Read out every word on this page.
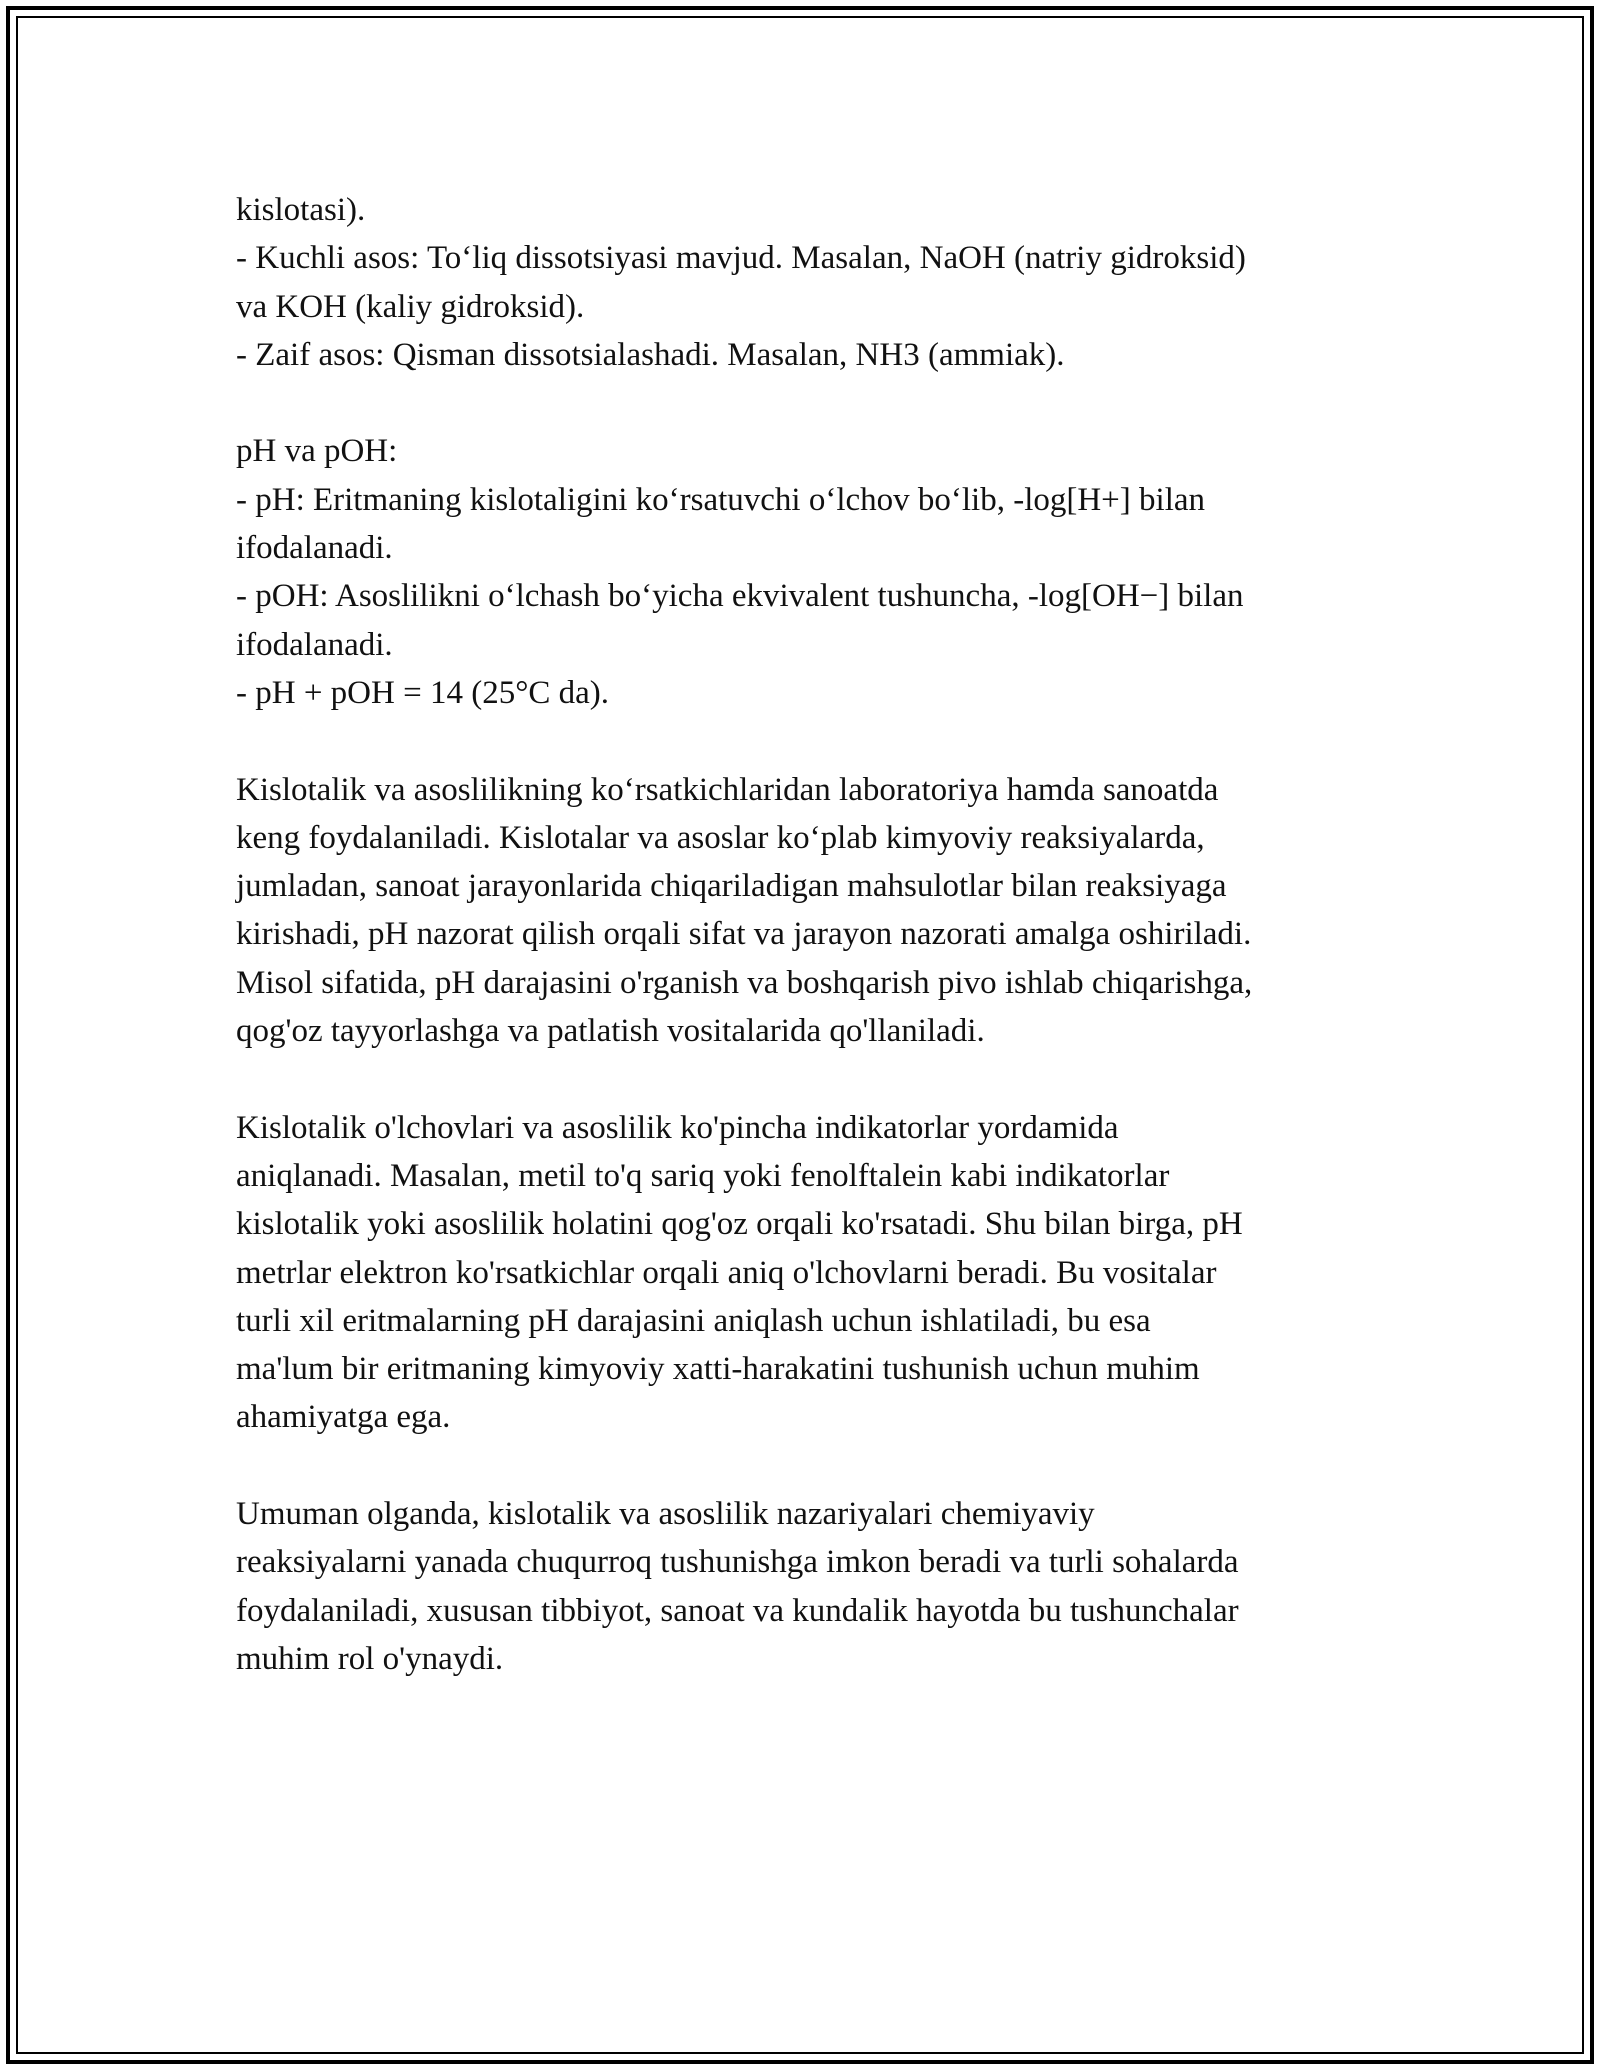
kislotasi).
- Kuchli asos: To‘liq dissotsiyasi mavjud. Masalan, NaOH (natriy gidroksid)
va KOH (kaliy gidroksid).
- Zaif asos: Qisman dissotsialashadi. Masalan, NH3 (ammiak).
pH va pOH:
- pH: Eritmaning kislotaligini ko‘rsatuvchi o‘lchov bo‘lib, -log[H+] bilan
ifodalanadi.
- pOH: Asoslilikni o‘lchash bo‘yicha ekvivalent tushuncha, -log[OH−] bilan
ifodalanadi.
- pH + pOH = 14 (25°C da).
Kislotalik va asoslilikning ko‘rsatkichlaridan laboratoriya hamda sanoatda
keng foydalaniladi. Kislotalar va asoslar ko‘plab kimyoviy reaksiyalarda,
jumladan, sanoat jarayonlarida chiqariladigan mahsulotlar bilan reaksiyaga
kirishadi, pH nazorat qilish orqali sifat va jarayon nazorati amalga oshiriladi.
Misol sifatida, pH darajasini o'rganish va boshqarish pivo ishlab chiqarishga,
qog'oz tayyorlashga va patlatish vositalarida qo'llaniladi.
Kislotalik o'lchovlari va asoslilik ko'pincha indikatorlar yordamida
aniqlanadi. Masalan, metil to'q sariq yoki fenolftalein kabi indikatorlar
kislotalik yoki asoslilik holatini qog'oz orqali ko'rsatadi. Shu bilan birga, pH
metrlar elektron ko'rsatkichlar orqali aniq o'lchovlarni beradi. Bu vositalar
turli xil eritmalarning pH darajasini aniqlash uchun ishlatiladi, bu esa
ma'lum bir eritmaning kimyoviy xatti-harakatini tushunish uchun muhim
ahamiyatga ega.
Umuman olganda, kislotalik va asoslilik nazariyalari chemiyaviy
reaksiyalarni yanada chuqurroq tushunishga imkon beradi va turli sohalarda
foydalaniladi, xususan tibbiyot, sanoat va kundalik hayotda bu tushunchalar
muhim rol o'ynaydi.
